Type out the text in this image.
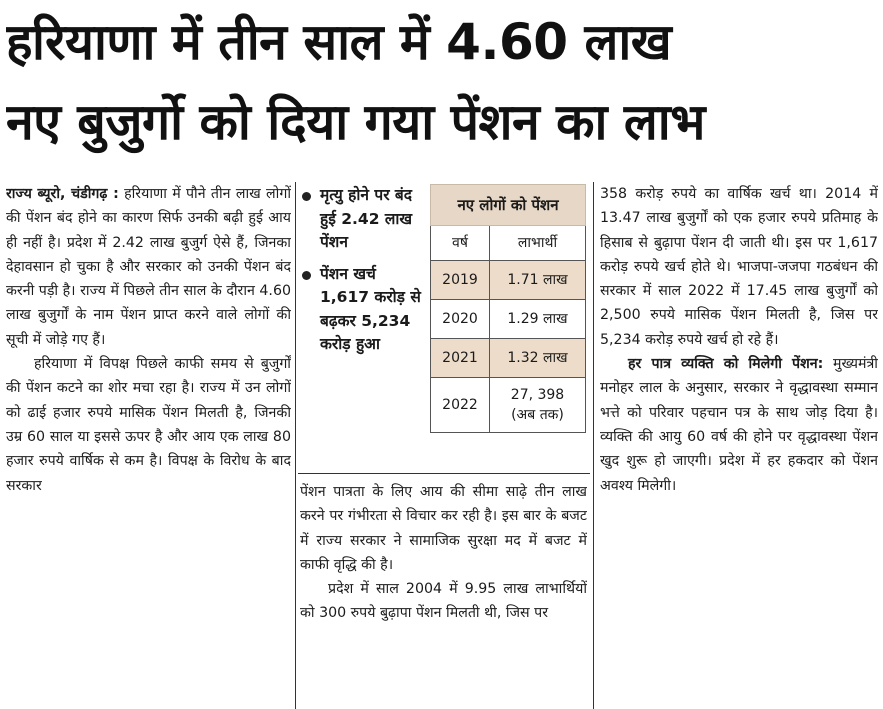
हरियाणा में तीन साल में 4.60 लाख
नए बुजुर्गो को दिया गया पेंशन का लाभ

राज्य ब्यूरो, चंडीगढ़ : हरियाणा में पौने तीन लाख लोगों की पेंशन बंद होने का कारण सिर्फ उनकी बढ़ी हुई आय ही नहीं है। प्रदेश में 2.42 लाख बुजुर्ग ऐसे हैं, जिनका देहावसान हो चुका है और सरकार को उनकी पेंशन बंद करनी पड़ी है। राज्य में पिछले तीन साल के दौरान 4.60 लाख बुजुर्गों के नाम पेंशन प्राप्त करने वाले लोगों की सूची में जोड़े गए हैं।

हरियाणा में विपक्ष पिछले काफी समय से बुजुर्गों की पेंशन कटने का शोर मचा रहा है। राज्य में उन लोगों को ढाई हजार रुपये मासिक पेंशन मिलती है, जिनकी उम्र 60 साल या इससे ऊपर है और आय एक लाख 80 हजार रुपये वार्षिक से कम है। विपक्ष के विरोध के बाद सरकार

मृत्यु होने पर बंद हुई 2.42 लाख पेंशन
पेंशन खर्च 1,617 करोड़ से बढ़कर 5,234 करोड़ हुआ
नए लोगों को पेंशन
वर्ष	लाभार्थी
2019	1.71 लाख
2020	1.29 लाख
2021	1.32 लाख
2022	27, 398
(अब तक)

पेंशन पात्रता के लिए आय की सीमा साढ़े तीन लाख करने पर गंभीरता से विचार कर रही है। इस बार के बजट में राज्य सरकार ने सामाजिक सुरक्षा मद में बजट में काफी वृद्धि की है।

प्रदेश में साल 2004 में 9.95 लाख लाभार्थियों को 300 रुपये बुढ़ापा पेंशन मिलती थी, जिस पर

358 करोड़ रुपये का वार्षिक खर्च था। 2014 में 13.47 लाख बुजुर्गों को एक हजार रुपये प्रतिमाह के हिसाब से बुढ़ापा पेंशन दी जाती थी। इस पर 1,617 करोड़ रुपये खर्च होते थे। भाजपा-जजपा गठबंधन की सरकार में साल 2022 में 17.45 लाख बुजुर्गों को 2,500 रुपये मासिक पेंशन मिलती है, जिस पर 5,234 करोड़ रुपये खर्च हो रहे हैं।

हर पात्र व्यक्ति को मिलेगी पेंशन: मुख्यमंत्री मनोहर लाल के अनुसार, सरकार ने वृद्धावस्था सम्मान भत्ते को परिवार पहचान पत्र के साथ जोड़ दिया है। व्यक्ति की आयु 60 वर्ष की होने पर वृद्धावस्था पेंशन खुद शुरू हो जाएगी। प्रदेश में हर हकदार को पेंशन अवश्य मिलेगी।
